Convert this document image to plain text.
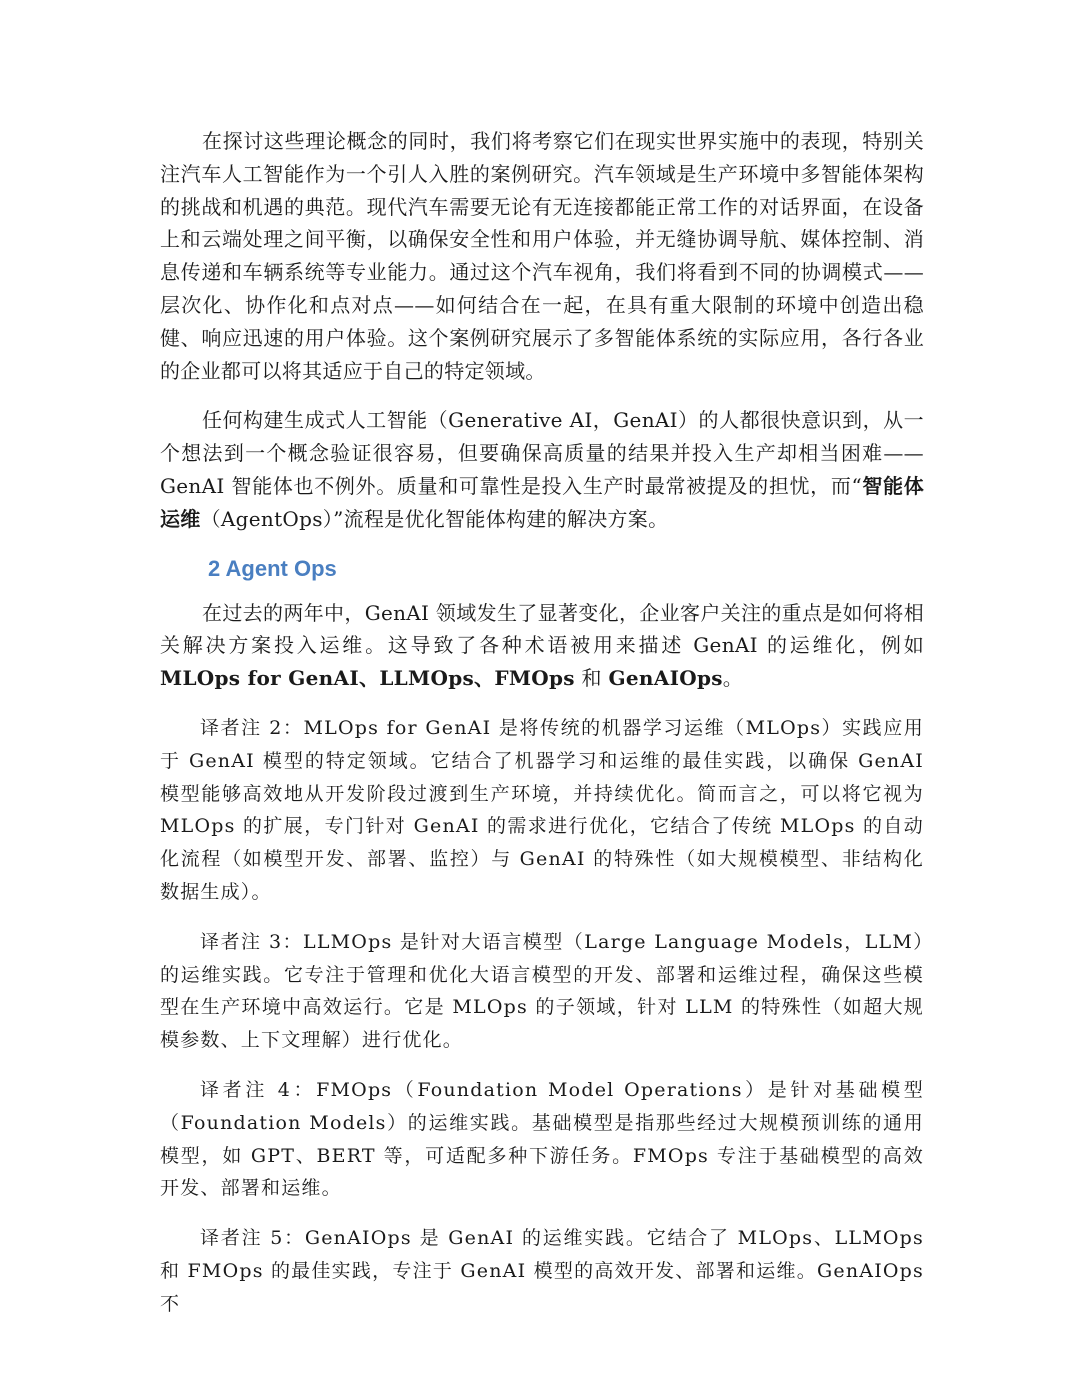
在探讨这些理论概念的同时，我们将考察它们在现实世界实施中的表现，特别关注汽车人工智能作为一个引人入胜的案例研究。汽车领域是生产环境中多智能体架构的挑战和机遇的典范。现代汽车需要无论有无连接都能正常工作的对话界面，在设备上和云端处理之间平衡，以确保安全性和用户体验，并无缝协调导航、媒体控制、消息传递和车辆系统等专业能力。通过这个汽车视角，我们将看到不同的协调模式——层次化、协作化和点对点——如何结合在一起，在具有重大限制的环境中创造出稳健、响应迅速的用户体验。这个案例研究展示了多智能体系统的实际应用，各行各业的企业都可以将其适应于自己的特定领域。

任何构建生成式人工智能（Generative AI，GenAI）的人都很快意识到，从一个想法到一个概念验证很容易，但要确保高质量的结果并投入生产却相当困难——GenAI 智能体也不例外。质量和可靠性是投入生产时最常被提及的担忧，而“智能体运维（AgentOps）”流程是优化智能体构建的解决方案。

2 Agent Ops

在过去的两年中，GenAI 领域发生了显著变化，企业客户关注的重点是如何将相关解决方案投入运维。这导致了各种术语被用来描述 GenAI 的运维化，例如 MLOps for GenAI、LLMOps、FMOps 和 GenAIOps。

译者注 2：MLOps for GenAI 是将传统的机器学习运维（MLOps）实践应用于 GenAI 模型的特定领域。它结合了机器学习和运维的最佳实践，以确保 GenAI 模型能够高效地从开发阶段过渡到生产环境，并持续优化。简而言之，可以将它视为 MLOps 的扩展，专门针对 GenAI 的需求进行优化，它结合了传统 MLOps 的自动化流程（如模型开发、部署、监控）与 GenAI 的特殊性（如大规模模型、非结构化数据生成）。

译者注 3：LLMOps 是针对大语言模型（Large Language Models，LLM）的运维实践。它专注于管理和优化大语言模型的开发、部署和运维过程，确保这些模型在生产环境中高效运行。它是 MLOps 的子领域，针对 LLM 的特殊性（如超大规模参数、上下文理解）进行优化。

译者注 4：FMOps（Foundation Model Operations）是针对基础模型（Foundation Models）的运维实践。基础模型是指那些经过大规模预训练的通用模型，如 GPT、BERT 等，可适配多种下游任务。FMOps 专注于基础模型的高效开发、部署和运维。

译者注 5：GenAIOps 是 GenAI 的运维实践。它结合了 MLOps、LLMOps 和 FMOps 的最佳实践，专注于 GenAI 模型的高效开发、部署和运维。GenAIOps 不
